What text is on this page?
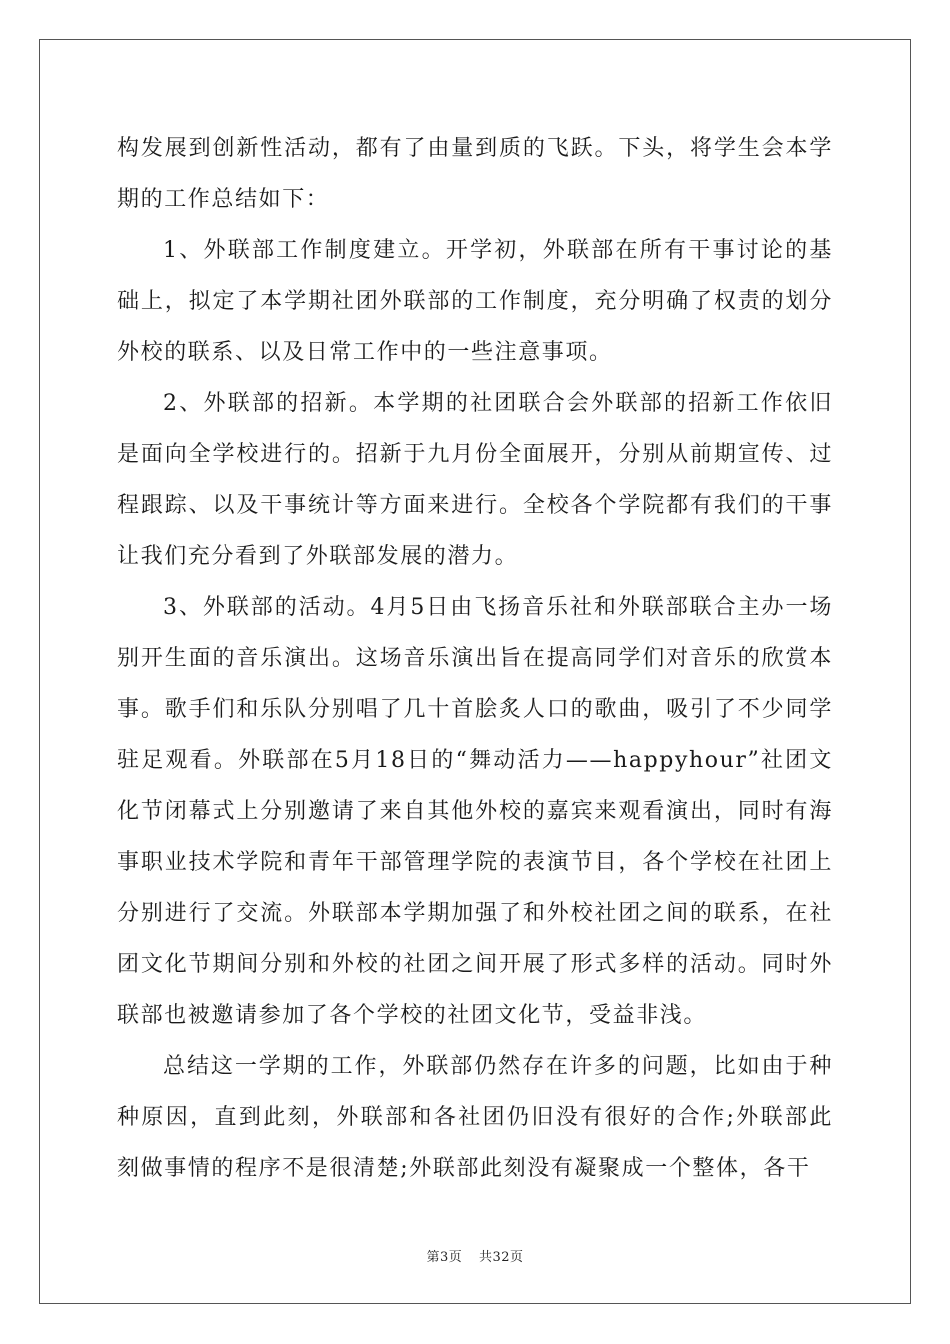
构发展到创新性活动，都有了由量到质的飞跃。下头，将学生会本学期的工作总结如下：

1、外联部工作制度建立。开学初，外联部在所有干事讨论的基础上，拟定了本学期社团外联部的工作制度，充分明确了权责的划分外校的联系、以及日常工作中的一些注意事项。

2、外联部的招新。本学期的社团联合会外联部的招新工作依旧是面向全学校进行的。招新于九月份全面展开，分别从前期宣传、过程跟踪、以及干事统计等方面来进行。全校各个学院都有我们的干事让我们充分看到了外联部发展的潜力。

3、外联部的活动。4月5日由飞扬音乐社和外联部联合主办一场别开生面的音乐演出。这场音乐演出旨在提高同学们对音乐的欣赏本事。歌手们和乐队分别唱了几十首脍炙人口的歌曲，吸引了不少同学驻足观看。外联部在5月18日的“舞动活力——happyhour”社团文化节闭幕式上分别邀请了来自其他外校的嘉宾来观看演出，同时有海事职业技术学院和青年干部管理学院的表演节目，各个学校在社团上分别进行了交流。外联部本学期加强了和外校社团之间的联系，在社团文化节期间分别和外校的社团之间开展了形式多样的活动。同时外联部也被邀请参加了各个学校的社团文化节，受益非浅。

总结这一学期的工作，外联部仍然存在许多的问题，比如由于种种原因，直到此刻，外联部和各社团仍旧没有很好的合作;外联部此刻做事情的程序不是很清楚;外联部此刻没有凝聚成一个整体，各干

第3页 共32页
